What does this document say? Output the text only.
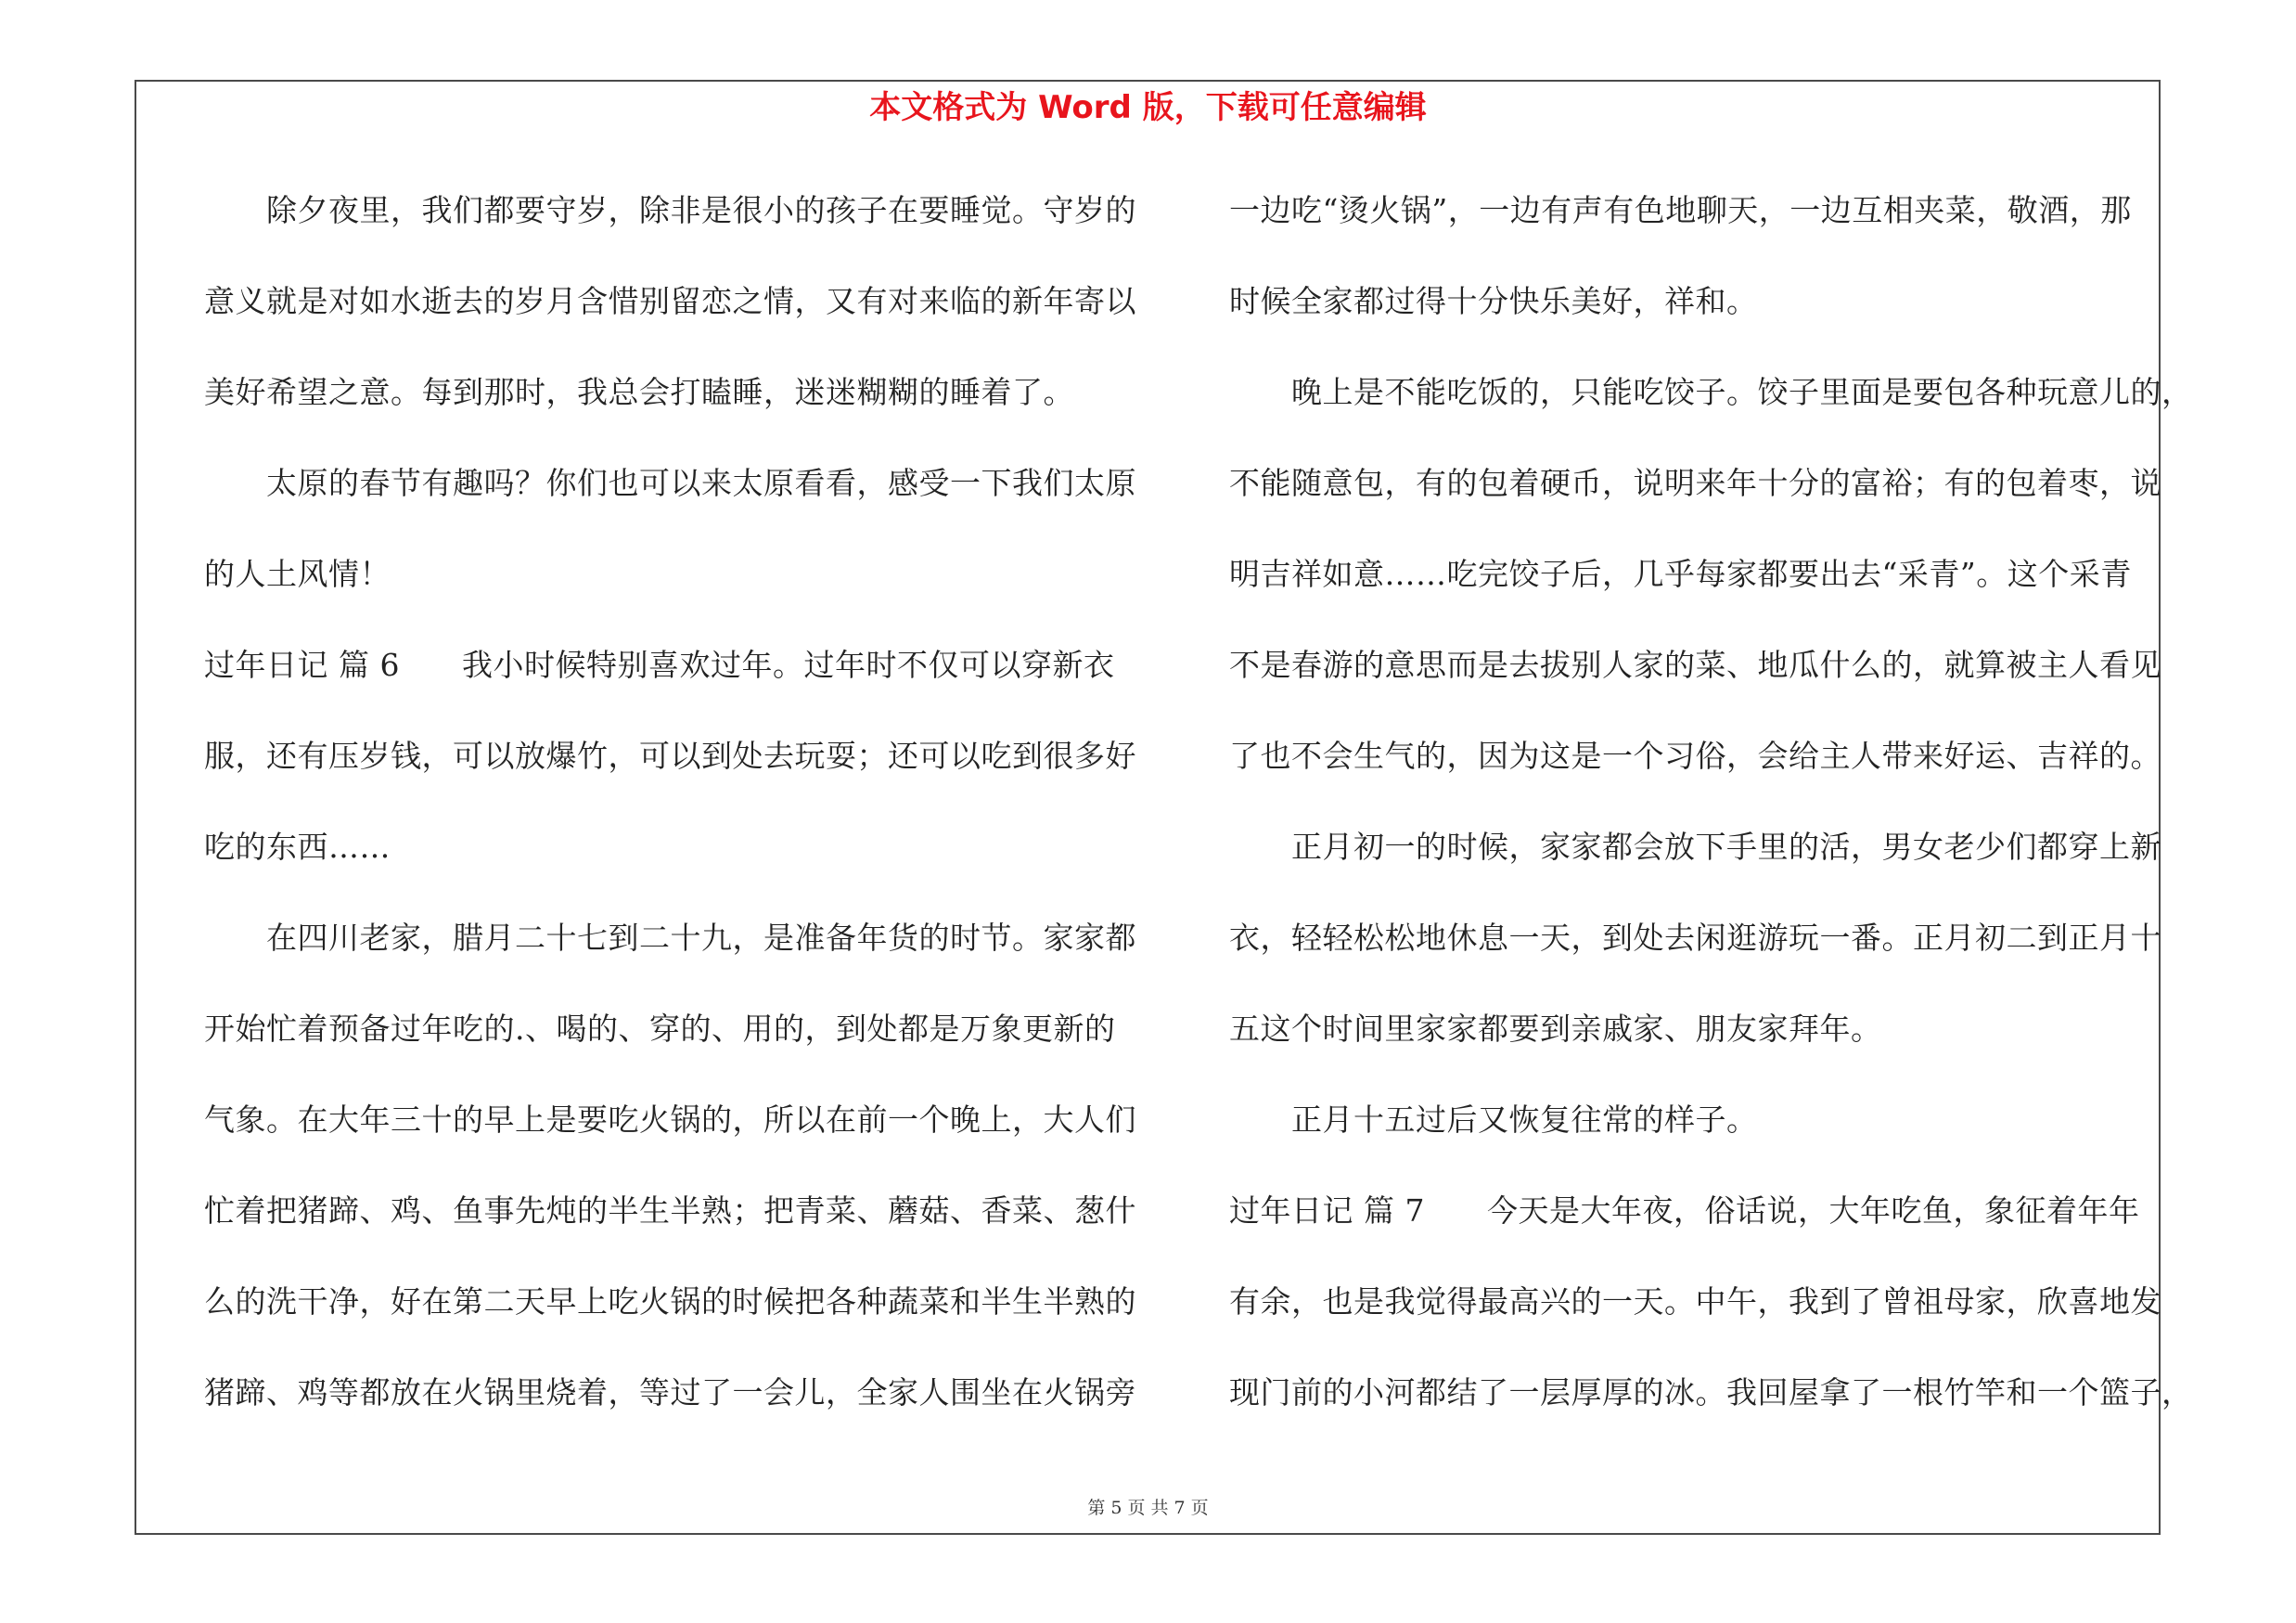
本文格式为 Word 版，下载可任意编辑
　　除夕夜里，我们都要守岁，除非是很小的孩子在要睡觉。守岁的
意义就是对如水逝去的岁月含惜别留恋之情，又有对来临的新年寄以
美好希望之意。每到那时，我总会打瞌睡，迷迷糊糊的睡着了。
　　太原的春节有趣吗？你们也可以来太原看看，感受一下我们太原
的人土风情！
过年日记 篇 6　　我小时候特别喜欢过年。过年时不仅可以穿新衣
服，还有压岁钱，可以放爆竹，可以到处去玩耍；还可以吃到很多好
吃的东西……
　　在四川老家，腊月二十七到二十九，是准备年货的时节。家家都
开始忙着预备过年吃的.、喝的、穿的、用的，到处都是万象更新的
气象。在大年三十的早上是要吃火锅的，所以在前一个晚上，大人们
忙着把猪蹄、鸡、鱼事先炖的半生半熟；把青菜、蘑菇、香菜、葱什
么的洗干净，好在第二天早上吃火锅的时候把各种蔬菜和半生半熟的
猪蹄、鸡等都放在火锅里烧着，等过了一会儿，全家人围坐在火锅旁
一边吃“烫火锅”，一边有声有色地聊天，一边互相夹菜，敬酒，那
时候全家都过得十分快乐美好，祥和。
　　晚上是不能吃饭的，只能吃饺子。饺子里面是要包各种玩意儿的，
不能随意包，有的包着硬币，说明来年十分的富裕；有的包着枣，说
明吉祥如意……吃完饺子后，几乎每家都要出去“采青”。这个采青
不是春游的意思而是去拔别人家的菜、地瓜什么的，就算被主人看见
了也不会生气的，因为这是一个习俗，会给主人带来好运、吉祥的。
　　正月初一的时候，家家都会放下手里的活，男女老少们都穿上新
衣，轻轻松松地休息一天，到处去闲逛游玩一番。正月初二到正月十
五这个时间里家家都要到亲戚家、朋友家拜年。
　　正月十五过后又恢复往常的样子。
过年日记 篇 7　　今天是大年夜，俗话说，大年吃鱼，象征着年年
有余，也是我觉得最高兴的一天。中午，我到了曾祖母家，欣喜地发
现门前的小河都结了一层厚厚的冰。我回屋拿了一根竹竿和一个篮子，
第 5 页 共 7 页
